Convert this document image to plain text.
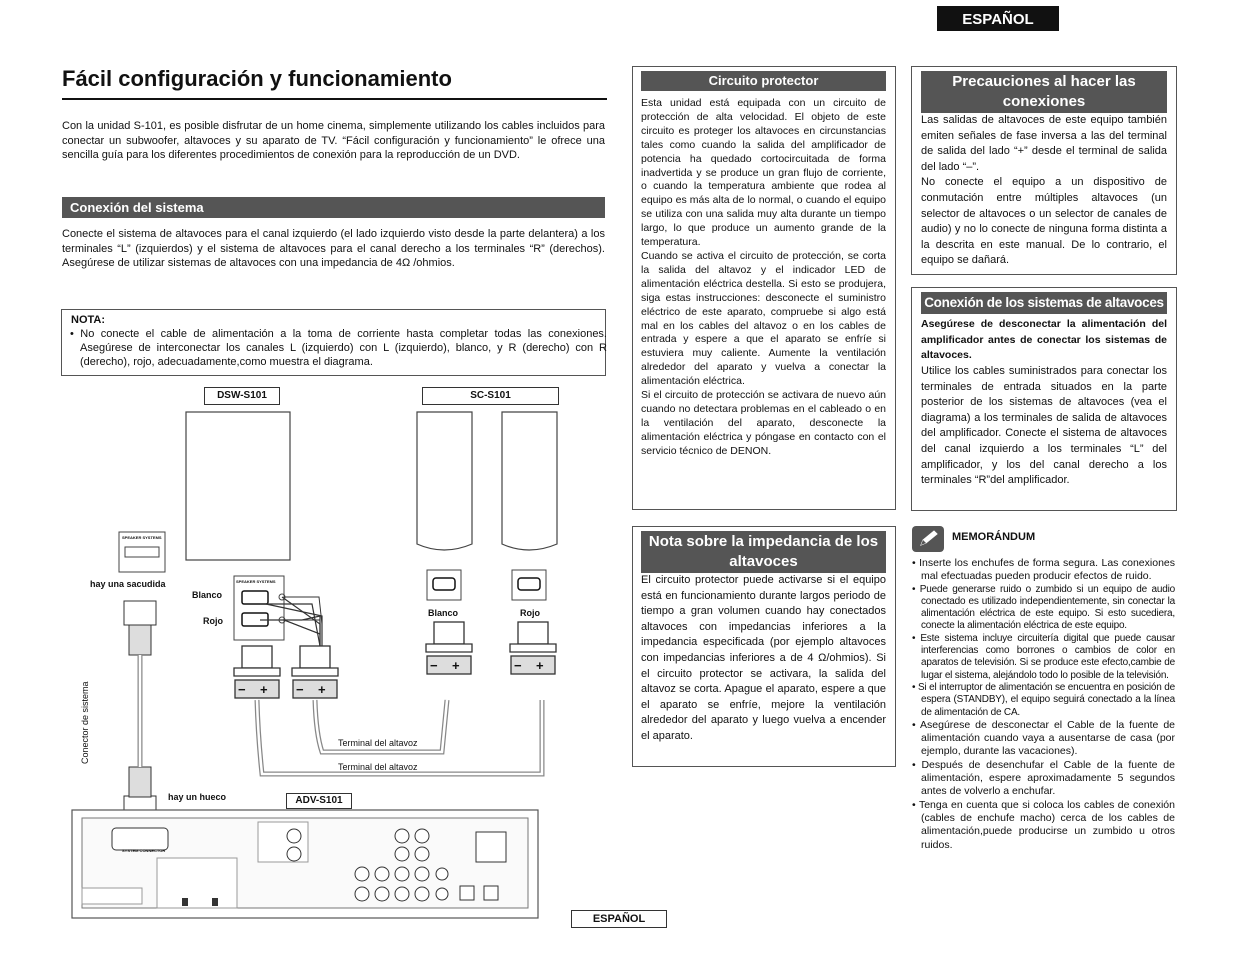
ESPAÑOL
Fácil configuración y funcionamiento
Con la unidad S-101, es posible disfrutar de un home cinema, simplemente utilizando los cables incluidos para conectar un subwoofer, altavoces y su aparato de TV. “Fácil configuración y funcionamiento” le ofrece una sencilla guía para los diferentes procedimientos de conexión para la reproducción de un DVD.
Conexión del sistema
Conecte el sistema de altavoces para el canal izquierdo (el lado izquierdo visto desde la parte delantera) a los terminales “L” (izquierdos) y el sistema de altavoces para el canal derecho a los terminales “R” (derechos). Asegúrese de utilizar sistemas de altavoces con una impedancia de 4Ω /ohmios.
NOTA:
• No conecte el cable de alimentación a la toma de corriente hasta completar todas las conexiones. Asegúrese de interconectar los canales L (izquierdo) con L (izquierdo), blanco, y R (derecho) con R (derecho), rojo, adecuadamente,como muestra el diagrama.
− + − +
− +	− +
DSW-S101	SC-S101
ADV-S101
SPEAKER SYSTEMS
SPEAKER SYSTEMS
SYSTEM CONNECTOR
hay una sacudida
hay un hueco
Blanco
Rojo
Blanco	Rojo
Conector de sistema	Terminal del altavoz
Terminal del altavoz
ESPAÑOL
Circuito protector
Esta unidad está equipada con un circuito de protección de alta velocidad. El objeto de este circuito es proteger los altavoces en circunstancias tales como cuando la salida del amplificador de potencia ha quedado cortocircuitada de forma inadvertida y se produce un gran flujo de corriente, o cuando la temperatura ambiente que rodea al equipo es más alta de lo normal, o cuando el equipo se utiliza con una salida muy alta durante un tiempo largo, lo que produce un aumento grande de la temperatura.
Cuando se activa el circuito de protección, se corta la salida del altavoz y el indicador LED de alimentación eléctrica destella. Si esto se produjera, siga estas instrucciones: desconecte el suministro eléctrico de este aparato, compruebe si algo está mal en los cables del altavoz o en los cables de entrada y espere a que el aparato se enfríe si estuviera muy caliente. Aumente la ventilación alrededor del aparato y vuelva a conectar la alimentación eléctrica.
Si el circuito de protección se activara de nuevo aún cuando no detectara problemas en el cableado o en la ventilación del aparato, desconecte la alimentación eléctrica y póngase en contacto con el servicio técnico de DENON.
Nota sobre la impedancia de los altavoces
El circuito protector puede activarse si el equipo está en funcionamiento durante largos periodo de tiempo a gran volumen cuando hay conectados altavoces con impedancias inferiores a la impedancia especificada (por ejemplo altavoces con impedancias inferiores a de 4 Ω/ohmios). Si el circuito protector se activara, la salida del altavoz se corta. Apague el aparato, espere a que el aparato se enfríe, mejore la ventilación alrededor del aparato y luego vuelva a encender el aparato.
Precauciones al hacer las conexiones
Las salidas de altavoces de este equipo también emiten señales de fase inversa a las del terminal de salida del lado “+” desde el terminal de salida del lado “–”.
No conecte el equipo a un dispositivo de conmutación entre múltiples altavoces (un selector de altavoces o un selector de canales de audio) y no lo conecte de ninguna forma distinta a la descrita en este manual. De lo contrario, el equipo se dañará.
Conexión de los sistemas de altavoces
Asegúrese de desconectar la alimentación del amplificador antes de conectar los sistemas de altavoces.
Utilice los cables suministrados para conectar los terminales de entrada situados en la parte posterior de los sistemas de altavoces (vea el diagrama) a los terminales de salida de altavoces del amplificador. Conecte el sistema de altavoces del canal izquierdo a los terminales “L” del amplificador, y los del canal derecho a los terminales “R”del amplificador.
MEMORÁNDUM

• Inserte los enchufes de forma segura. Las conexiones mal efectuadas pueden producir efectos de ruido.

• Puede generarse ruido o zumbido si un equipo de audio conectado es utilizado independientemente, sin conectar la alimentación eléctrica de este equipo. Si esto sucediera, conecte la alimentación eléctrica de este equipo.

• Este sistema incluye circuitería digital que puede causar interferencias como borrones o cambios de color en aparatos de televisión. Si se produce este efecto,cambie de lugar el sistema, alejándolo todo lo posible de la televisión.

• Si el interruptor de alimentación se encuentra en posición de espera (STANDBY), el equipo seguirá conectado a la línea de alimentación de CA.

• Asegúrese de desconectar el Cable de la fuente de alimentación cuando vaya a ausentarse de casa (por ejemplo, durante las vacaciones).

• Después de desenchufar el Cable de la fuente de alimentación, espere aproximadamente 5 segundos antes de volverlo a enchufar.

• Tenga en cuenta que si coloca los cables de conexión (cables de enchufe macho) cerca de los cables de alimentación,puede producirse un zumbido u otros ruidos.
